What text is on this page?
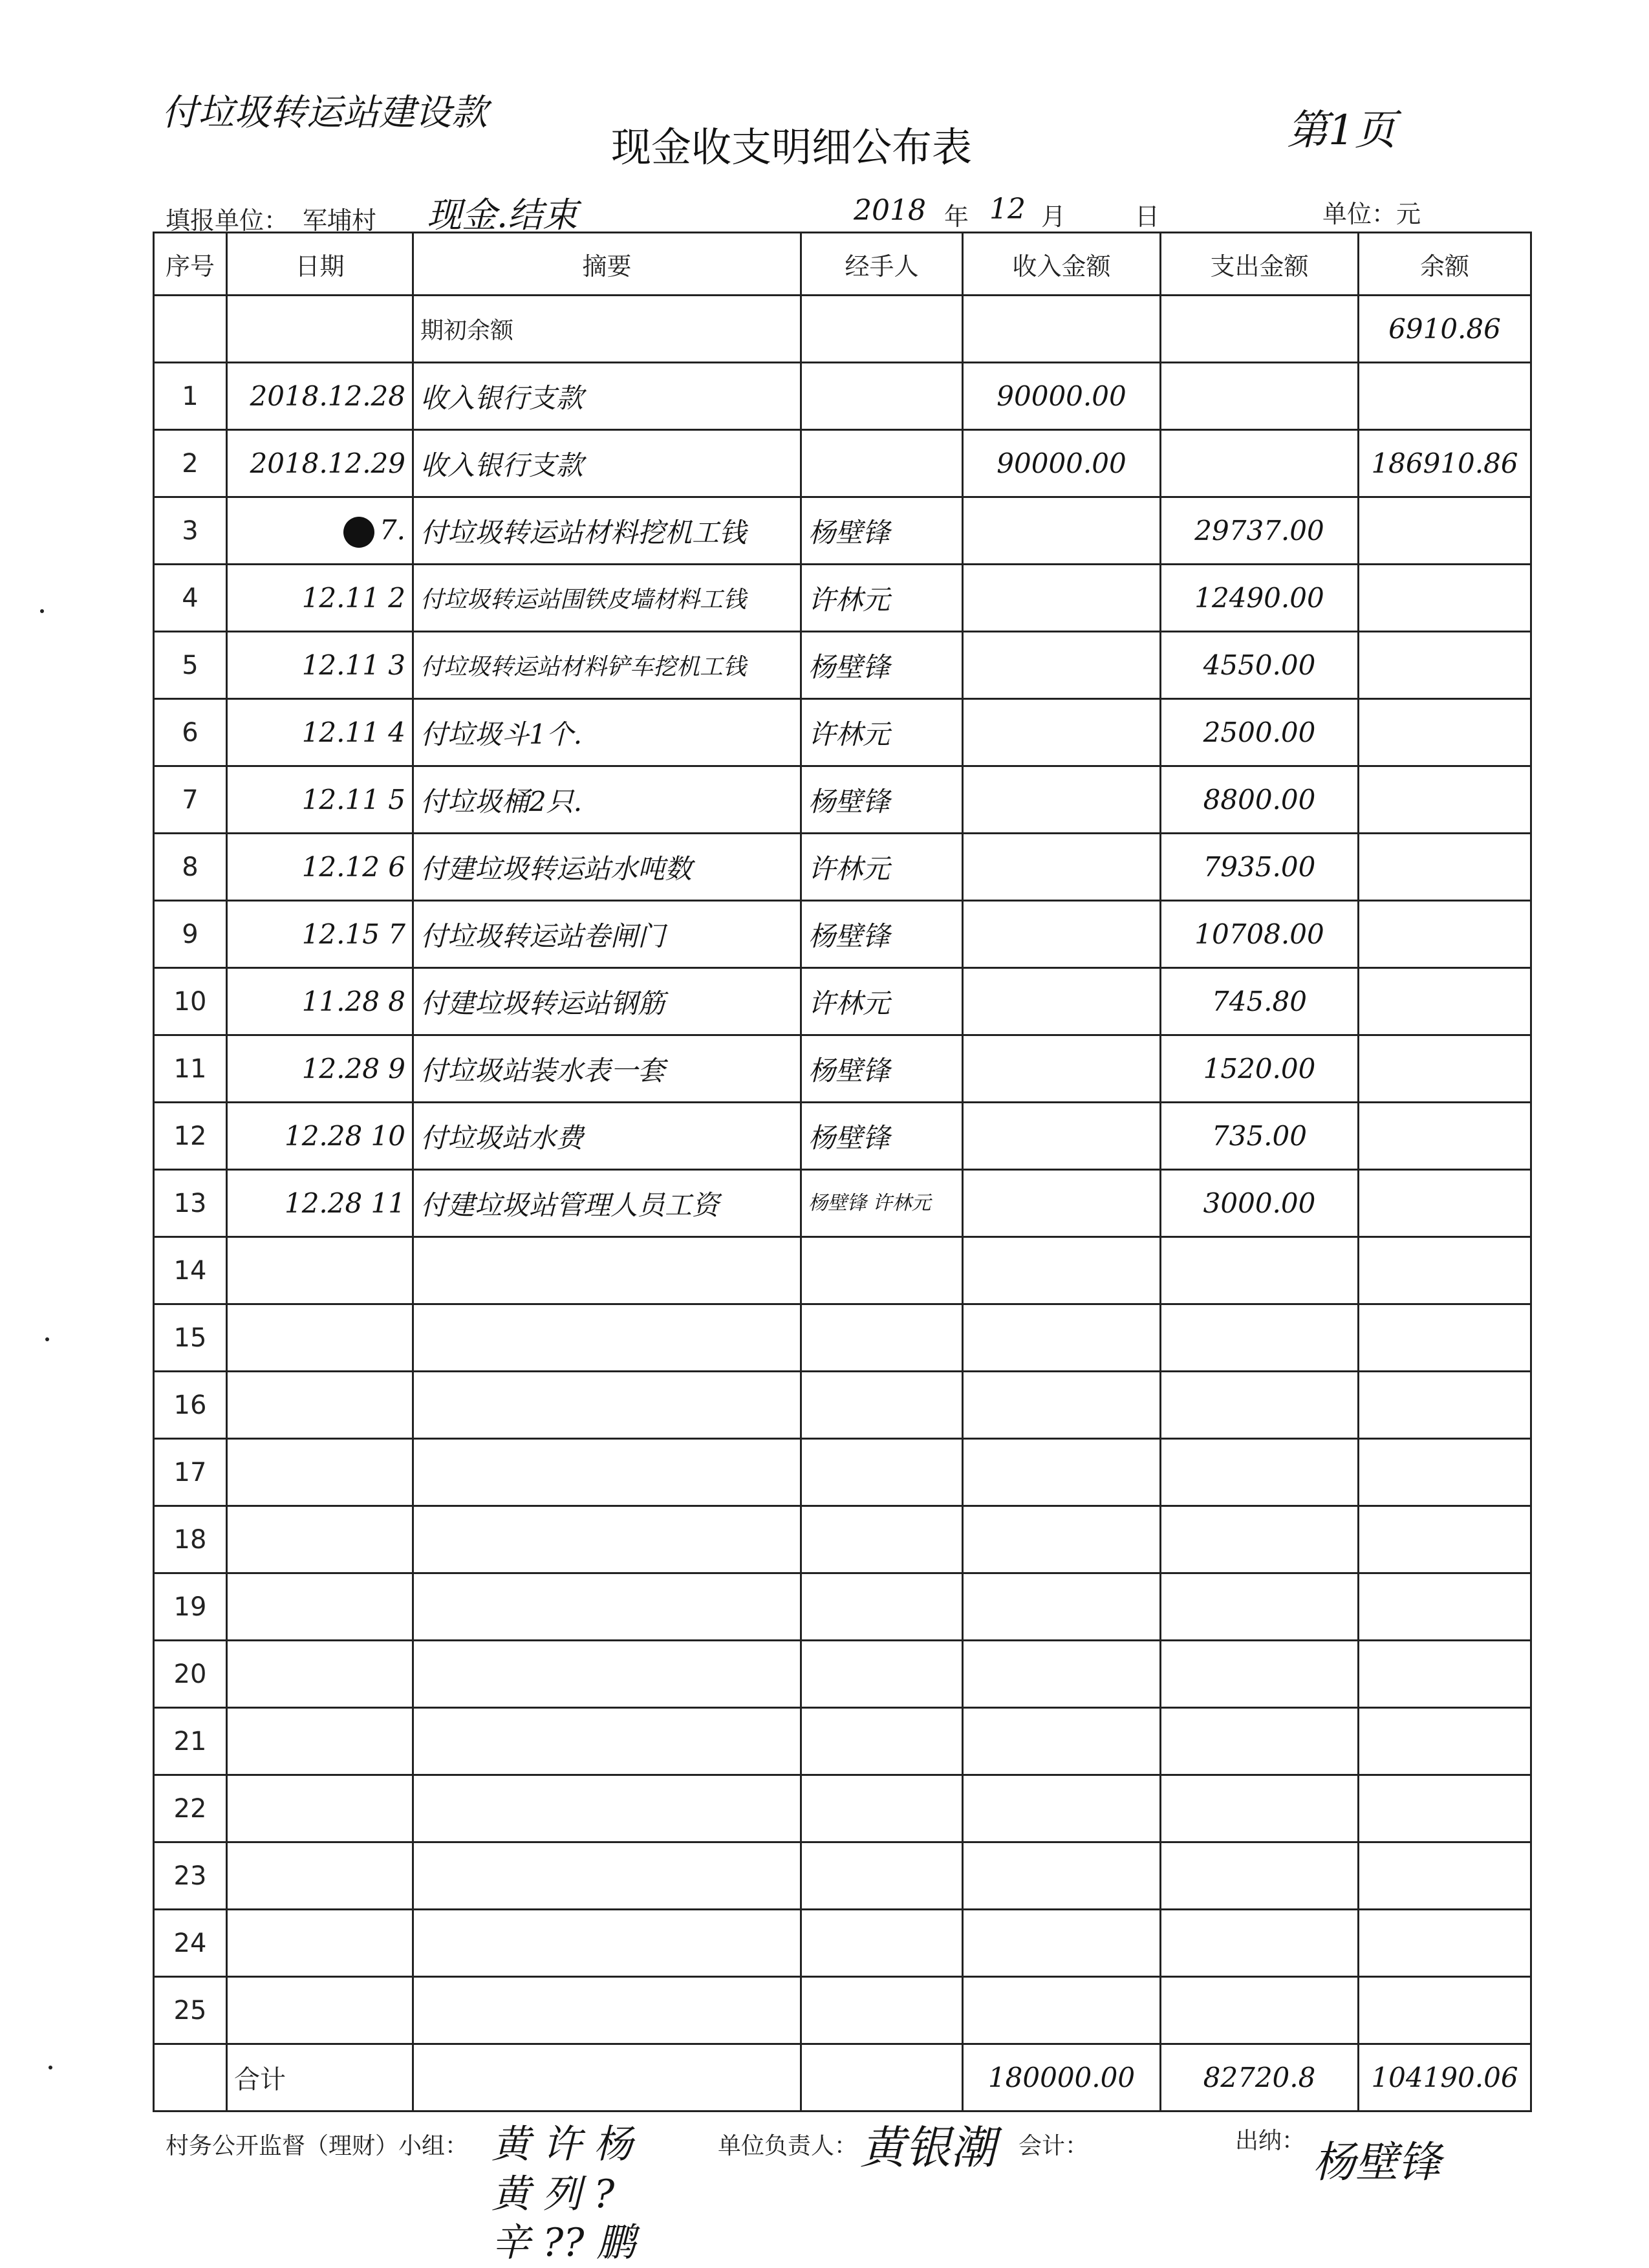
付垃圾转运站建设款
现金收支明细公布表	第1页
填报单位： 军埔村 现金.结束	2018 年 12 月	日	单位：元
序号	日期	摘要	经手人	收入金额	支出金额	余额
		期初余额				6910.86
1	2018.12.28	收入银行支款		90000.00		
2	2018.12.29	收入银行支款		90000.00		186910.86
3	7.	付垃圾转运站材料挖机工钱	杨壁锋		29737.00	
4	12.11 2	付垃圾转运站围铁皮墙材料工钱	许林元		12490.00	
5	12.11 3	付垃圾转运站材料铲车挖机工钱	杨壁锋		4550.00	
6	12.11 4	付垃圾斗1个.	许林元		2500.00	
7	12.11 5	付垃圾桶2只.	杨壁锋		8800.00	
8	12.12 6	付建垃圾转运站水吨数	许林元		7935.00	
9	12.15 7	付垃圾转运站卷闸门	杨壁锋		10708.00	
10	11.28 8	付建垃圾转运站钢筋	许林元		745.80	
11	12.28 9	付垃圾站装水表一套	杨壁锋		1520.00	
12	12.28 10	付垃圾站水费	杨壁锋		735.00	
13	12.28 11	付建垃圾站管理人员工资	杨壁锋 许林元		3000.00	
14						
15						
16						
17						
18						
19						
20						
21						
22						
23						
24						
25						
	合计			180000.00	82720.8	104190.06
村务公开监督（理财）小组： 黄 许 杨
黄 列 ?
辛 ?? 鹏
单位负责人： 黄银潮 会计：	出纳： 杨壁锋
